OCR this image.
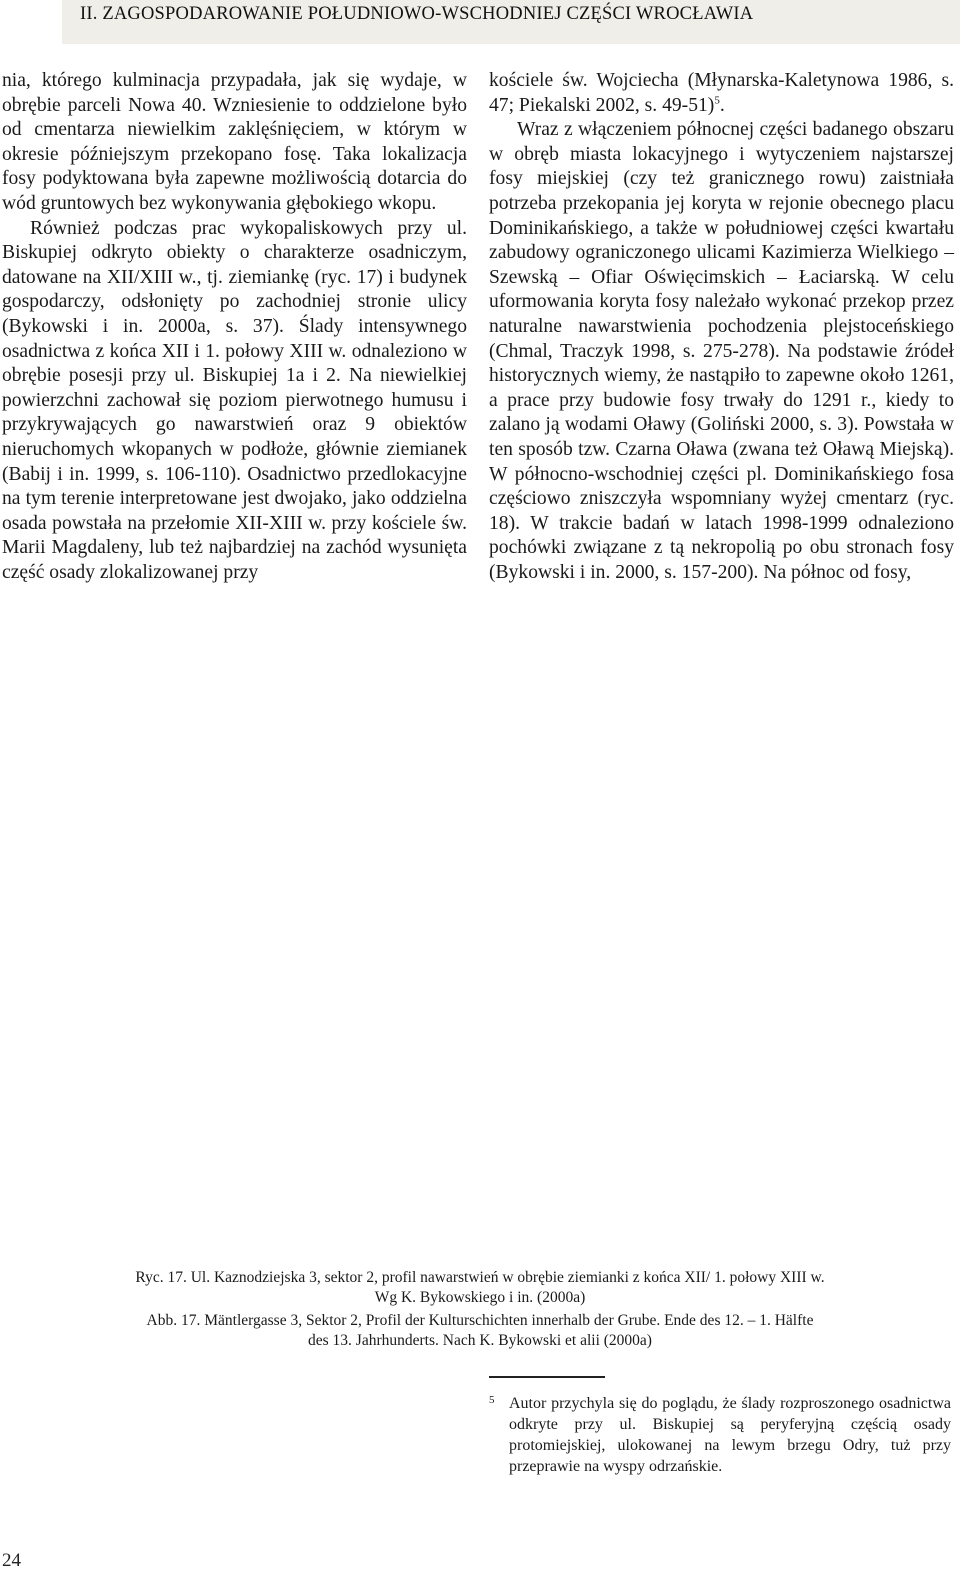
II. ZAGOSPODAROWANIE POŁUDNIOWO-WSCHODNIEJ CZĘŚCI WROCŁAWIA

nia, którego kulminacja przypadała, jak się wydaje, w obrębie parceli Nowa 40. Wzniesienie to oddzielone było od cmentarza niewielkim zaklęśnięciem, w którym w okresie późniejszym przekopano fosę. Taka lokalizacja fosy podyktowana była zapewne możliwością dotarcia do wód gruntowych bez wykonywania głębokiego wkopu.

Również podczas prac wykopaliskowych przy ul. Biskupiej odkryto obiekty o charakterze osadniczym, datowane na XII/XIII w., tj. ziemiankę (ryc. 17) i budynek gospodarczy, odsłonięty po zachodniej stronie ulicy (Bykowski i in. 2000a, s. 37). Ślady intensywnego osadnictwa z końca XII i 1. połowy XIII w. odnaleziono w obrębie posesji przy ul. Biskupiej 1a i 2. Na niewielkiej powierzchni zachował się poziom pierwotnego humusu i przykrywających go nawarstwień oraz 9 obiektów nieruchomych wkopanych w podłoże, głównie ziemianek (Babij i in. 1999, s. 106-110). Osadnictwo przedlokacyjne na tym terenie interpretowane jest dwojako, jako oddzielna osada powstała na przełomie XII-XIII w. przy kościele św. Marii Magdaleny, lub też najbardziej na zachód wysunięta część osady zlokalizowanej przy

kościele św. Wojciecha (Młynarska-Kaletynowa 1986, s. 47; Piekalski 2002, s. 49-51)$^5$.

Wraz z włączeniem północnej części badanego obszaru w obręb miasta lokacyjnego i wytyczeniem najstarszej fosy miejskiej (czy też granicznego rowu) zaistniała potrzeba przekopania jej koryta w rejonie obecnego placu Dominikańskiego, a także w południowej części kwartału zabudowy ograniczonego ulicami Kazimierza Wielkiego – Szewską – Ofiar Oświęcimskich – Łaciarską. W celu uformowania koryta fosy należało wykonać przekop przez naturalne nawarstwienia pochodzenia plejstoceńskiego (Chmal, Traczyk 1998, s. 275-278). Na podstawie źródeł historycznych wiemy, że nastąpiło to zapewne około 1261, a prace przy budowie fosy trwały do 1291 r., kiedy to zalano ją wodami Oławy (Goliński 2000, s. 3). Powstała w ten sposób tzw. Czarna Oława (zwana też Oławą Miejską). W północno-wschodniej części pl. Dominikańskiego fosa częściowo zniszczyła wspomniany wyżej cmentarz (ryc. 18). W trakcie badań w latach 1998-1999 odnaleziono pochówki związane z tą nekropolią po obu stronach fosy (Bykowski i in. 2000, s. 157-200). Na północ od fosy,

Ryc. 17. Ul. Kaznodziejska 3, sektor 2, profil nawarstwień w obrębie ziemianki z końca XII/ 1. połowy XIII w.
Wg K. Bykowskiego i in. (2000a)

Abb. 17. Mäntlergasse 3, Sektor 2, Profil der Kulturschichten innerhalb der Grube. Ende des 12. – 1. Hälfte
des 13. Jahrhunderts. Nach K. Bykowski et alii (2000a)

5 Autor przychyla się do poglądu, że ślady rozproszonego osadnictwa odkryte przy ul. Biskupiej są peryferyjną częścią osady protomiejskiej, ulokowanej na lewym brzegu Odry, tuż przy przeprawie na wyspy odrzańskie.
24
